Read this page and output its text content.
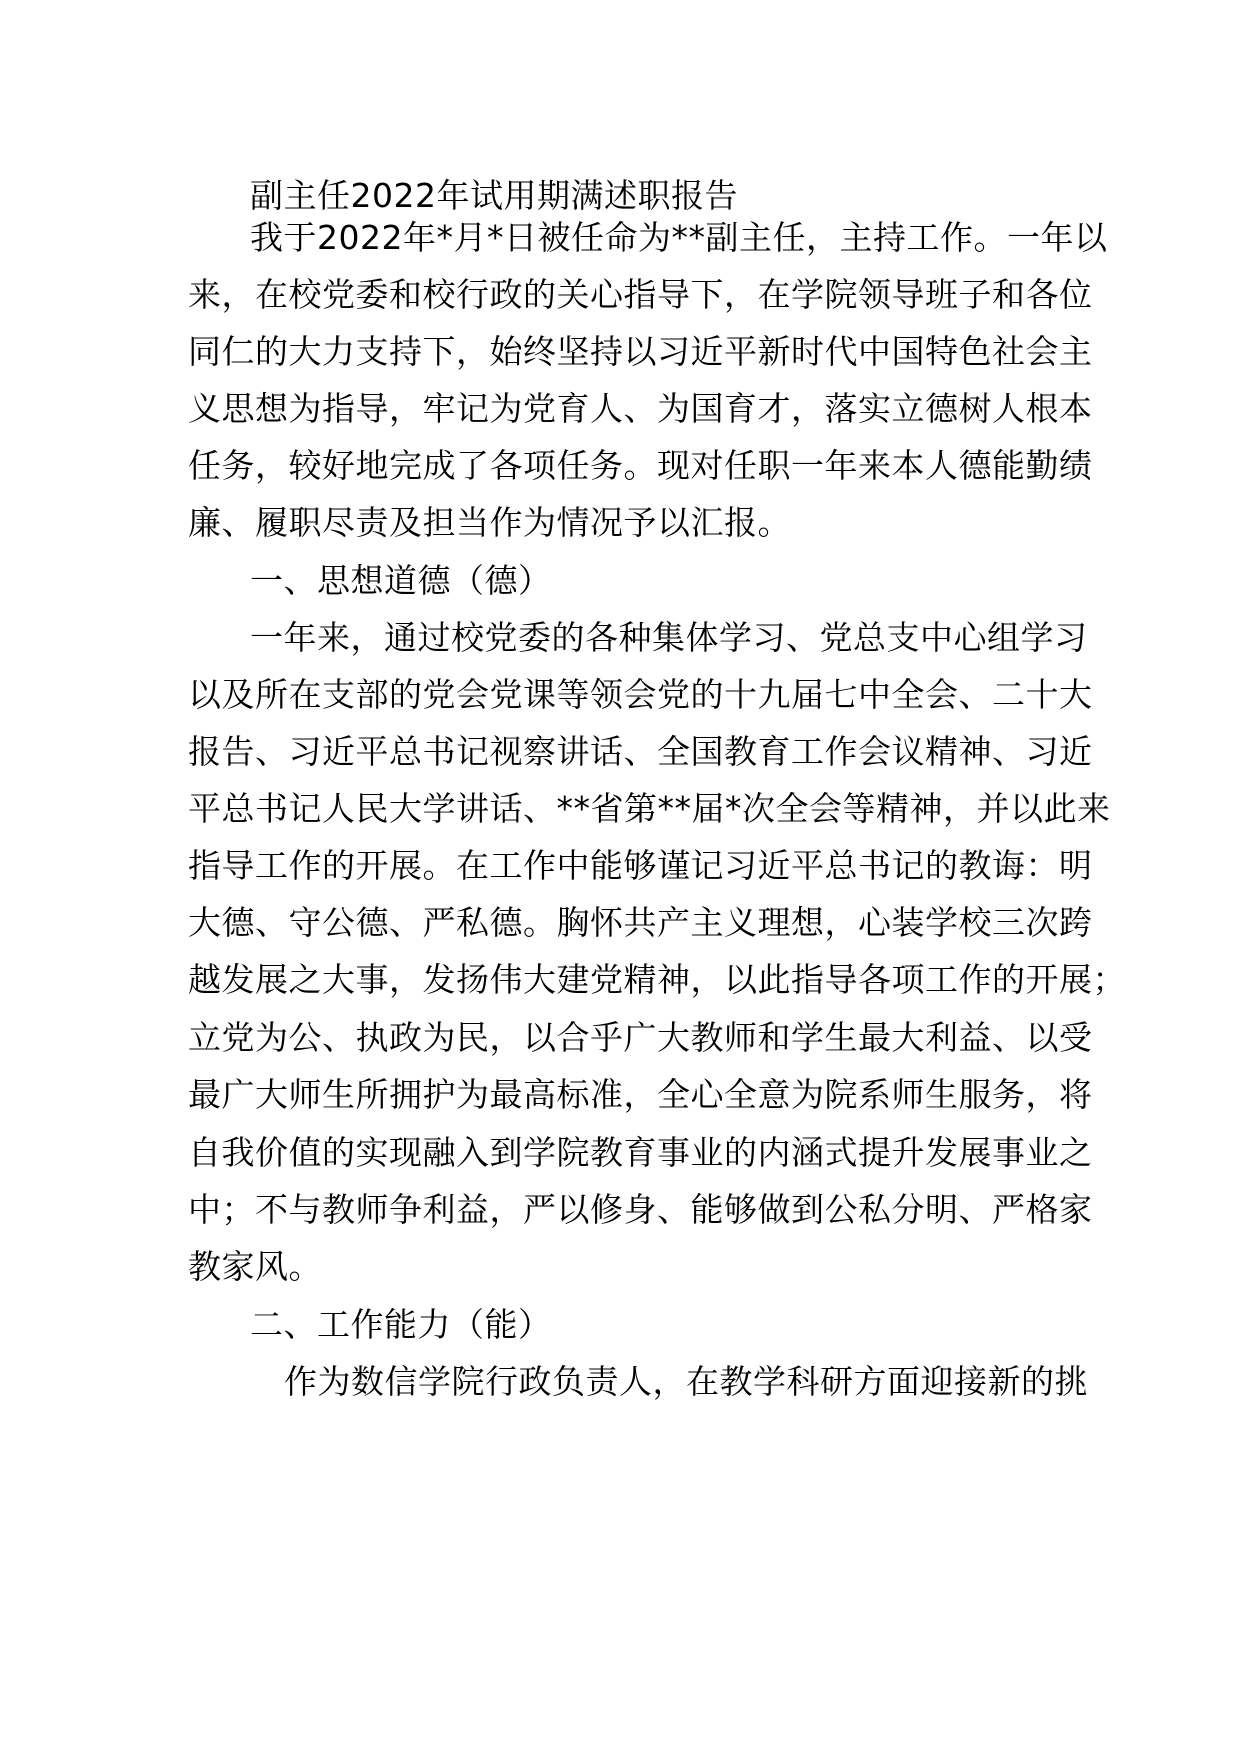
副主任2022年试用期满述职报告

我于2022年*月*日被任命为**副主任，主持工作。一年以

来，在校党委和校行政的关心指导下，在学院领导班子和各位

同仁的大力支持下，始终坚持以习近平新时代中国特色社会主

义思想为指导，牢记为党育人、为国育才，落实立德树人根本

任务，较好地完成了各项任务。现对任职一年来本人德能勤绩

廉、履职尽责及担当作为情况予以汇报。

一、思想道德（德）

一年来，通过校党委的各种集体学习、党总支中心组学习

以及所在支部的党会党课等领会党的十九届七中全会、二十大

报告、习近平总书记视察讲话、全国教育工作会议精神、习近

平总书记人民大学讲话、**省第**届*次全会等精神，并以此来

指导工作的开展。在工作中能够谨记习近平总书记的教诲：明

大德、守公德、严私德。胸怀共产主义理想，心装学校三次跨

越发展之大事，发扬伟大建党精神，以此指导各项工作的开展；

立党为公、执政为民，以合乎广大教师和学生最大利益、以受

最广大师生所拥护为最高标准，全心全意为院系师生服务，将

自我价值的实现融入到学院教育事业的内涵式提升发展事业之

中；不与教师争利益，严以修身、能够做到公私分明、严格家

教家风。

二、工作能力（能）

作为数信学院行政负责人，在教学科研方面迎接新的挑
